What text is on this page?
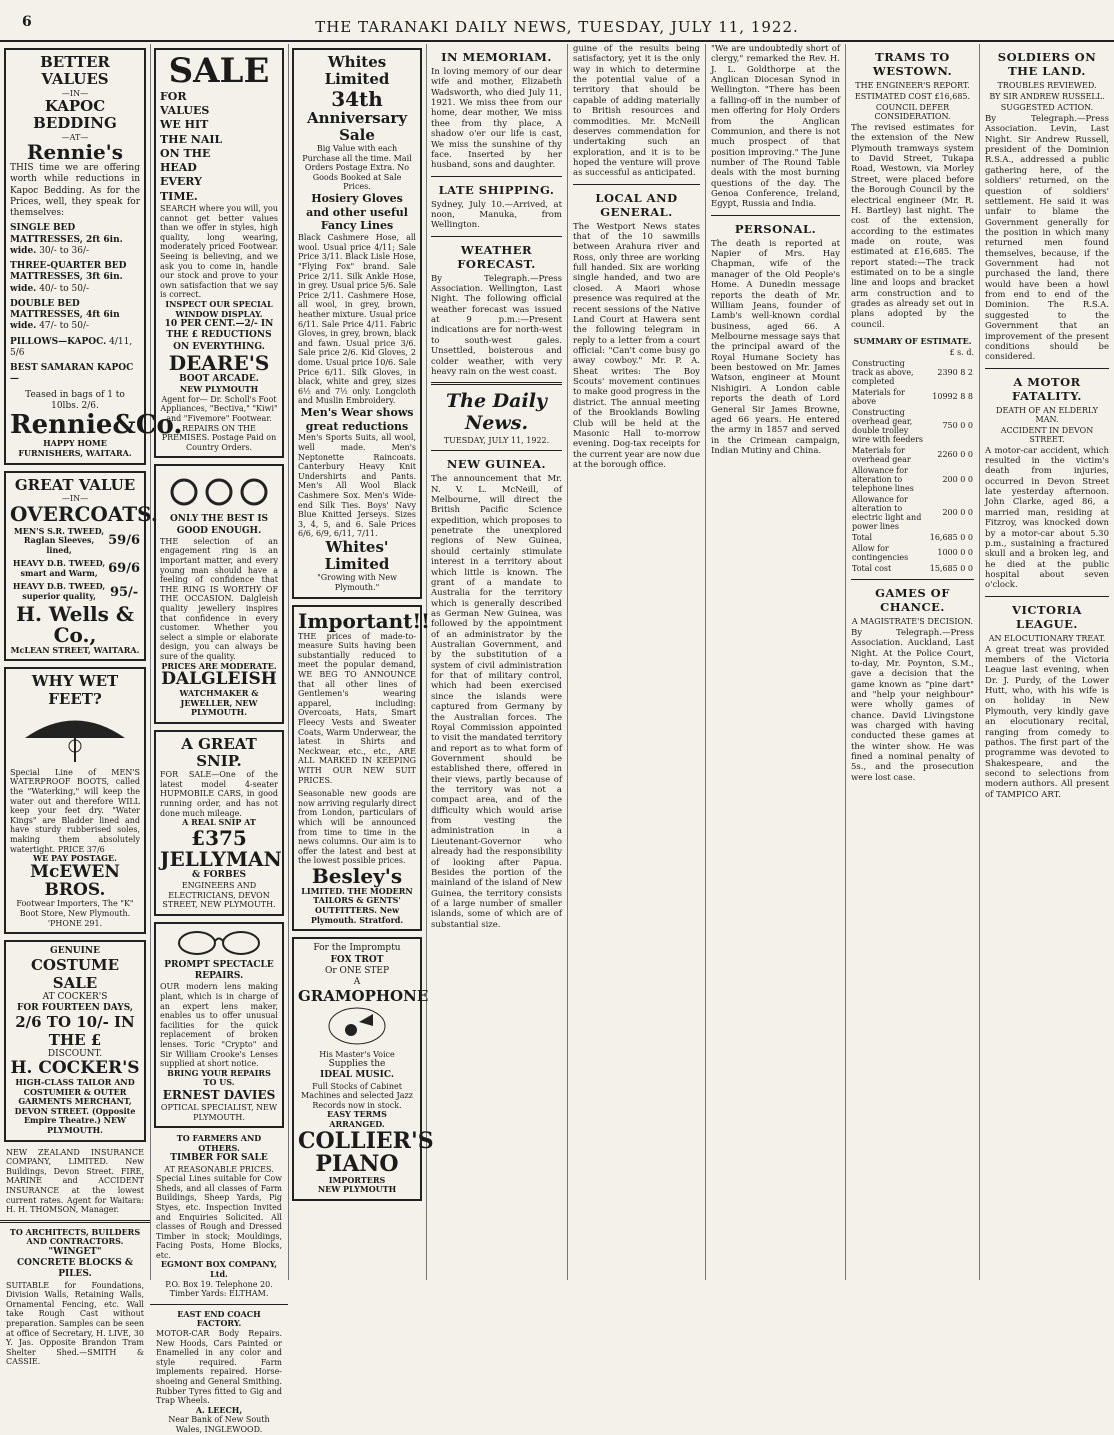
6	THE TARANAKI DAILY NEWS, TUESDAY, JULY 11, 1922.
BETTER VALUES
—IN—
KAPOC BEDDING
—AT—
Rennie's
THIS time we are offering worth while reductions in Kapoc Bedding. As for the Prices, well, they speak for themselves:

SINGLE BED MATTRESSES, 2ft 6in. wide. 30/- to 36/-

THREE-QUARTER BED MATTRESSES, 3ft 6in. wide. 40/- to 50/-

DOUBLE BED MATTRESSES, 4ft 6in wide. 47/- to 50/-

PILLOWS—KAPOC. 4/11, 5/6

BEST SAMARAN KAPOC—

Teased in bags of 1 to 10lbs. 2/6.
Rennie&Co.
HAPPY HOME FURNISHERS, WAITARA.
GREAT VALUE
—IN—
OVERCOATS.
MEN'S S.R. TWEED, Raglan Sleeves, lined,	59/6
HEAVY D.B. TWEED, smart and Warm,	69/6
HEAVY D.B. TWEED, superior quality,	95/-
H. Wells & Co.,
McLEAN STREET, WAITARA.
WHY WET FEET?
Special Line of MEN'S WATERPROOF BOOTS, called the "Waterking," will keep the water out and therefore WILL keep your feet dry. "Water Kings" are Bladder lined and have sturdy rubberised soles, making them absolutely watertight. PRICE 37/6
WE PAY POSTAGE.
McEWEN BROS.
Footwear Importers, The "K" Boot Store, New Plymouth. 'PHONE 291.
GENUINE
COSTUME SALE
AT COCKER'S
FOR FOURTEEN DAYS,
2/6 TO 10/- IN THE £
DISCOUNT.
H. COCKER'S
HIGH-CLASS TAILOR AND COSTUMIER & OUTER GARMENTS MERCHANT, DEVON STREET. (Opposite Empire Theatre.) NEW PLYMOUTH.
NEW ZEALAND INSURANCE COMPANY, LIMITED. New Buildings, Devon Street. FIRE, MARINE and ACCIDENT INSURANCE at the lowest current rates. Agent for Waitara: H. H. THOMSON, Manager.
TO ARCHITECTS, BUILDERS AND CONTRACTORS.
"WINGET"
CONCRETE BLOCKS & PILES.
SUITABLE for Foundations, Division Walls, Retaining Walls, Ornamental Fencing, etc. Wall take Rough Cast without preparation. Samples can be seen at office of Secretary, H. LIVE, 30 Y. Jas. Opposite Brandon Tram Shelter Shed.—SMITH & CASSIE.
SALE
FOR
VALUES
WE HIT
THE NAIL
ON THE
HEAD
EVERY
TIME.
SEARCH where you will, you cannot get better values than we offer in styles, high quality, long wearing, moderately priced Footwear. Seeing is believing, and we ask you to come in, handle our stock and prove to your own satisfaction that we say is correct.
INSPECT OUR SPECIAL WINDOW DISPLAY.
10 PER CENT.—2/- IN THE £ REDUCTIONS ON EVERYTHING.
DEARE'S
BOOT ARCADE.
NEW PLYMOUTH
Agent for— Dr. Scholl's Foot Appliances, "Bectiva," "Kiwi" and "Fivemore" Footwear. REPAIRS ON THE PREMISES. Postage Paid on Country Orders.
ONLY THE BEST IS GOOD ENOUGH.
THE selection of an engagement ring is an important matter, and every young man should have a feeling of confidence that THE RING IS WORTHY OF THE OCCASION. Dalgleish quality jewellery inspires that confidence in every customer. Whether you select a simple or elaborate design, you can always be sure of the quality.
PRICES ARE MODERATE.
DALGLEISH
WATCHMAKER & JEWELLER, NEW PLYMOUTH.
A GREAT SNIP.
FOR SALE—One of the latest model 4-seater HUPMOBILE CARS, in good running order, and has not done much mileage.
A REAL SNIP AT
£375
JELLYMAN
& FORBES
ENGINEERS AND ELECTRICIANS, DEVON STREET, NEW PLYMOUTH.
PROMPT SPECTACLE REPAIRS.
OUR modern lens making plant, which is in charge of an expert lens maker, enables us to offer unusual facilities for the quick replacement of broken lenses. Toric "Crypto" and Sir William Crooke's Lenses supplied at short notice.
BRING YOUR REPAIRS TO US.
ERNEST DAVIES
OPTICAL SPECIALIST, NEW PLYMOUTH.
TO FARMERS AND OTHERS.
TIMBER FOR SALE
AT REASONABLE PRICES.
Special Lines suitable for Cow Sheds, and all classes of Farm Buildings, Sheep Yards, Pig Styes, etc. Inspection Invited and Enquiries Solicited. All classes of Rough and Dressed Timber in stock; Mouldings, Facing Posts, Home Blocks, etc.
EGMONT BOX COMPANY, Ltd.
P.O. Box 19. Telephone 20. Timber Yards: ELTHAM.
EAST END COACH FACTORY.
MOTOR-CAR Body Repairs. New Hoods, Cars Painted or Enamelled in any color and style required. Farm implements repaired. Horse-shoeing and General Smithing. Rubber Tyres fitted to Gig and Trap Wheels.
A. LEECH,
Near Bank of New South Wales, INGLEWOOD.
Whites Limited
34th
Anniversary Sale
Big Value with each Purchase all the time. Mail Orders Postage Extra. No Goods Booked at Sale Prices.
Hosiery Gloves and other useful Fancy Lines
Black Cashmere Hose, all wool. Usual price 4/11; Sale Price 3/11. Black Lisle Hose, "Flying Fox" brand. Sale Price 2/11. Silk Ankle Hose, in grey. Usual price 5/6. Sale Price 2/11. Cashmere Hose, all wool, in grey, brown, heather mixture. Usual price 6/11. Sale Price 4/11. Fabric Gloves, in grey, brown, black and fawn. Usual price 3/6. Sale price 2/6. Kid Gloves, 2 dome. Usual price 10/6. Sale Price 6/11. Silk Gloves, in black, white and grey, sizes 6½ and 7½ only. Longcloth and Muslin Embroidery.
Men's Wear shows great reductions
Men's Sports Suits, all wool, well made. Men's Neptonette Raincoats. Canterbury Heavy Knit Undershirts and Pants. Men's All Wool Black Cashmere Sox. Men's Wide-end Silk Ties. Boys' Navy Blue Knitted Jerseys. Sizes 3, 4, 5, and 6. Sale Prices 6/6, 6/9, 6/11, 7/11.
Whites' Limited
"Growing with New Plymouth."
Important!!
THE prices of made-to-measure Suits having been substantially reduced to meet the popular demand, WE BEG TO ANNOUNCE that all other lines of Gentlemen's wearing apparel, including: Overcoats, Hats, Smart Fleecy Vests and Sweater Coats, Warm Underwear, the latest in Shirts and Neckwear, etc., etc., ARE ALL MARKED IN KEEPING WITH OUR NEW SUIT PRICES.
Seasonable new goods are now arriving regularly direct from London, particulars of which will be announced from time to time in the news columns. Our aim is to offer the latest and best at the lowest possible prices.
Besley's
LIMITED. THE MODERN TAILORS & GENTS' OUTFITTERS. New Plymouth. Stratford.
For the Impromptu
FOX TROT
Or ONE STEP
A
GRAMOPHONE
His Master's Voice
Supplies the
IDEAL MUSIC.
Full Stocks of Cabinet Machines and selected Jazz Records now in stock.
EASY TERMS ARRANGED.
COLLIER'S
PIANO
IMPORTERS
NEW PLYMOUTH
IN MEMORIAM.
In loving memory of our dear wife and mother, Elizabeth Wadsworth, who died July 11, 1921. We miss thee from our home, dear mother, We miss thee from thy place, A shadow o'er our life is cast, We miss the sunshine of thy face. Inserted by her husband, sons and daughter.
LATE SHIPPING.
Sydney, July 10.—Arrived, at noon, Manuka, from Wellington.
WEATHER FORECAST.
By Telegraph.—Press Association. Wellington, Last Night. The following official weather forecast was issued at 9 p.m.:—Present indications are for north-west to south-west gales. Unsettled, boisterous and colder weather, with very heavy rain on the west coast.
The Daily News.
TUESDAY, JULY 11, 1922.
NEW GUINEA.
The announcement that Mr. N. V. L. McNeill, of Melbourne, will direct the British Pacific Science expedition, which proposes to penetrate the unexplored regions of New Guinea, should certainly stimulate interest in a territory about which little is known. The grant of a mandate to Australia for the territory which is generally described as German New Guinea, was followed by the appointment of an administrator by the Australian Government, and by the substitution of a system of civil administration for that of military control, which had been exercised since the islands were captured from Germany by the Australian forces. The Royal Commission appointed to visit the mandated territory and report as to what form of Government should be established there, offered in their views, partly because of the territory was not a compact area, and of the difficulty which would arise from vesting the administration in a Lieutenant-Governor who already had the responsibility of looking after Papua. Besides the portion of the mainland of the island of New Guinea, the territory consists of a large number of smaller islands, some of which are of substantial size.
guine of the results being satisfactory, yet it is the only way in which to determine the potential value of a territory that should be capable of adding materially to British resources and commodities. Mr. McNeill deserves commendation for undertaking such an exploration, and it is to be hoped the venture will prove as successful as anticipated.
LOCAL AND GENERAL.
The Westport News states that of the 10 sawmills between Arahura river and Ross, only three are working full handed. Six are working single handed, and two are closed. A Maori whose presence was required at the recent sessions of the Native Land Court at Hawera sent the following telegram in reply to a letter from a court official: "Can't come busy go away cowboy." Mr. P. A. Sheat writes: The Boy Scouts' movement continues to make good progress in the district. The annual meeting of the Brooklands Bowling Club will be held at the Masonic Hall to-morrow evening. Dog-tax receipts for the current year are now due at the borough office.
"We are undoubtedly short of clergy," remarked the Rev. H. J. L. Goldthorpe at the Anglican Diocesan Synod in Wellington. "There has been a falling-off in the number of men offering for Holy Orders from the Anglican Communion, and there is not much prospect of that position improving." The June number of The Round Table deals with the most burning questions of the day. The Genoa Conference, Ireland, Egypt, Russia and India.
PERSONAL.
The death is reported at Napier of Mrs. Hay Chapman, wife of the manager of the Old People's Home. A Dunedin message reports the death of Mr. William Jeans, founder of Lamb's well-known cordial business, aged 66. A Melbourne message says that the principal award of the Royal Humane Society has been bestowed on Mr. James Watson, engineer at Mount Nishigiri. A London cable reports the death of Lord General Sir James Browne, aged 66 years. He entered the army in 1857 and served in the Crimean campaign, Indian Mutiny and China.
TRAMS TO WESTOWN.
THE ENGINEER'S REPORT.
ESTIMATED COST £16,685.
COUNCIL DEFER CONSIDERATION.
The revised estimates for the extension of the New Plymouth tramways system to David Street, Tukapa Road, Westown, via Morley Street, were placed before the Borough Council by the electrical engineer (Mr. R. H. Bartley) last night. The cost of the extension, according to the estimates made on route, was estimated at £16,685. The report stated:—The track estimated on to be a single line and loops and bracket arm construction and to grades as already set out in plans adopted by the council.
SUMMARY OF ESTIMATE.
£ s. d.
Constructing track as above, completed	2390 8 2
Materials for above	10992 8 8
Constructing overhead gear, double trolley wire with feeders	750 0 0
Materials for overhead gear	2260 0 0
Allowance for alteration to telephone lines	200 0 0
Allowance for alteration to electric light and power lines	200 0 0
Total	16,685 0 0
Allow for contingencies	1000 0 0
Total cost	15,685 0 0
GAMES OF CHANCE.
A MAGISTRATE'S DECISION.
By Telegraph.—Press Association. Auckland, Last Night. At the Police Court, to-day, Mr. Poynton, S.M., gave a decision that the game known as "pine dart" and "help your neighbour" were wholly games of chance. David Livingstone was charged with having conducted these games at the winter show. He was fined a nominal penalty of 5s., and the prosecution were lost case.
SOLDIERS ON THE LAND.
TROUBLES REVIEWED.
BY SIR ANDREW RUSSELL.
SUGGESTED ACTION.
By Telegraph.—Press Association. Levin, Last Night. Sir Andrew Russell, president of the Dominion R.S.A., addressed a public gathering here, of the soldiers' returned, on the question of soldiers' settlement. He said it was unfair to blame the Government generally for the position in which many returned men found themselves, because, if the Government had not purchased the land, there would have been a howl from end to end of the Dominion. The R.S.A. suggested to the Government that an improvement of the present conditions should be considered.
A MOTOR FATALITY.
DEATH OF AN ELDERLY MAN.
ACCIDENT IN DEVON STREET.
A motor-car accident, which resulted in the victim's death from injuries, occurred in Devon Street late yesterday afternoon. John Clarke, aged 86, a married man, residing at Fitzroy, was knocked down by a motor-car about 5.30 p.m., sustaining a fractured skull and a broken leg, and he died at the public hospital about seven o'clock.
VICTORIA LEAGUE.
AN ELOCUTIONARY TREAT.
A great treat was provided members of the Victoria League last evening, when Dr. J. Purdy, of the Lower Hutt, who, with his wife is on holiday in New Plymouth, very kindly gave an elocutionary recital, ranging from comedy to pathos. The first part of the programme was devoted to Shakespeare, and the second to selections from modern authors. All present of TAMPICO ART.
